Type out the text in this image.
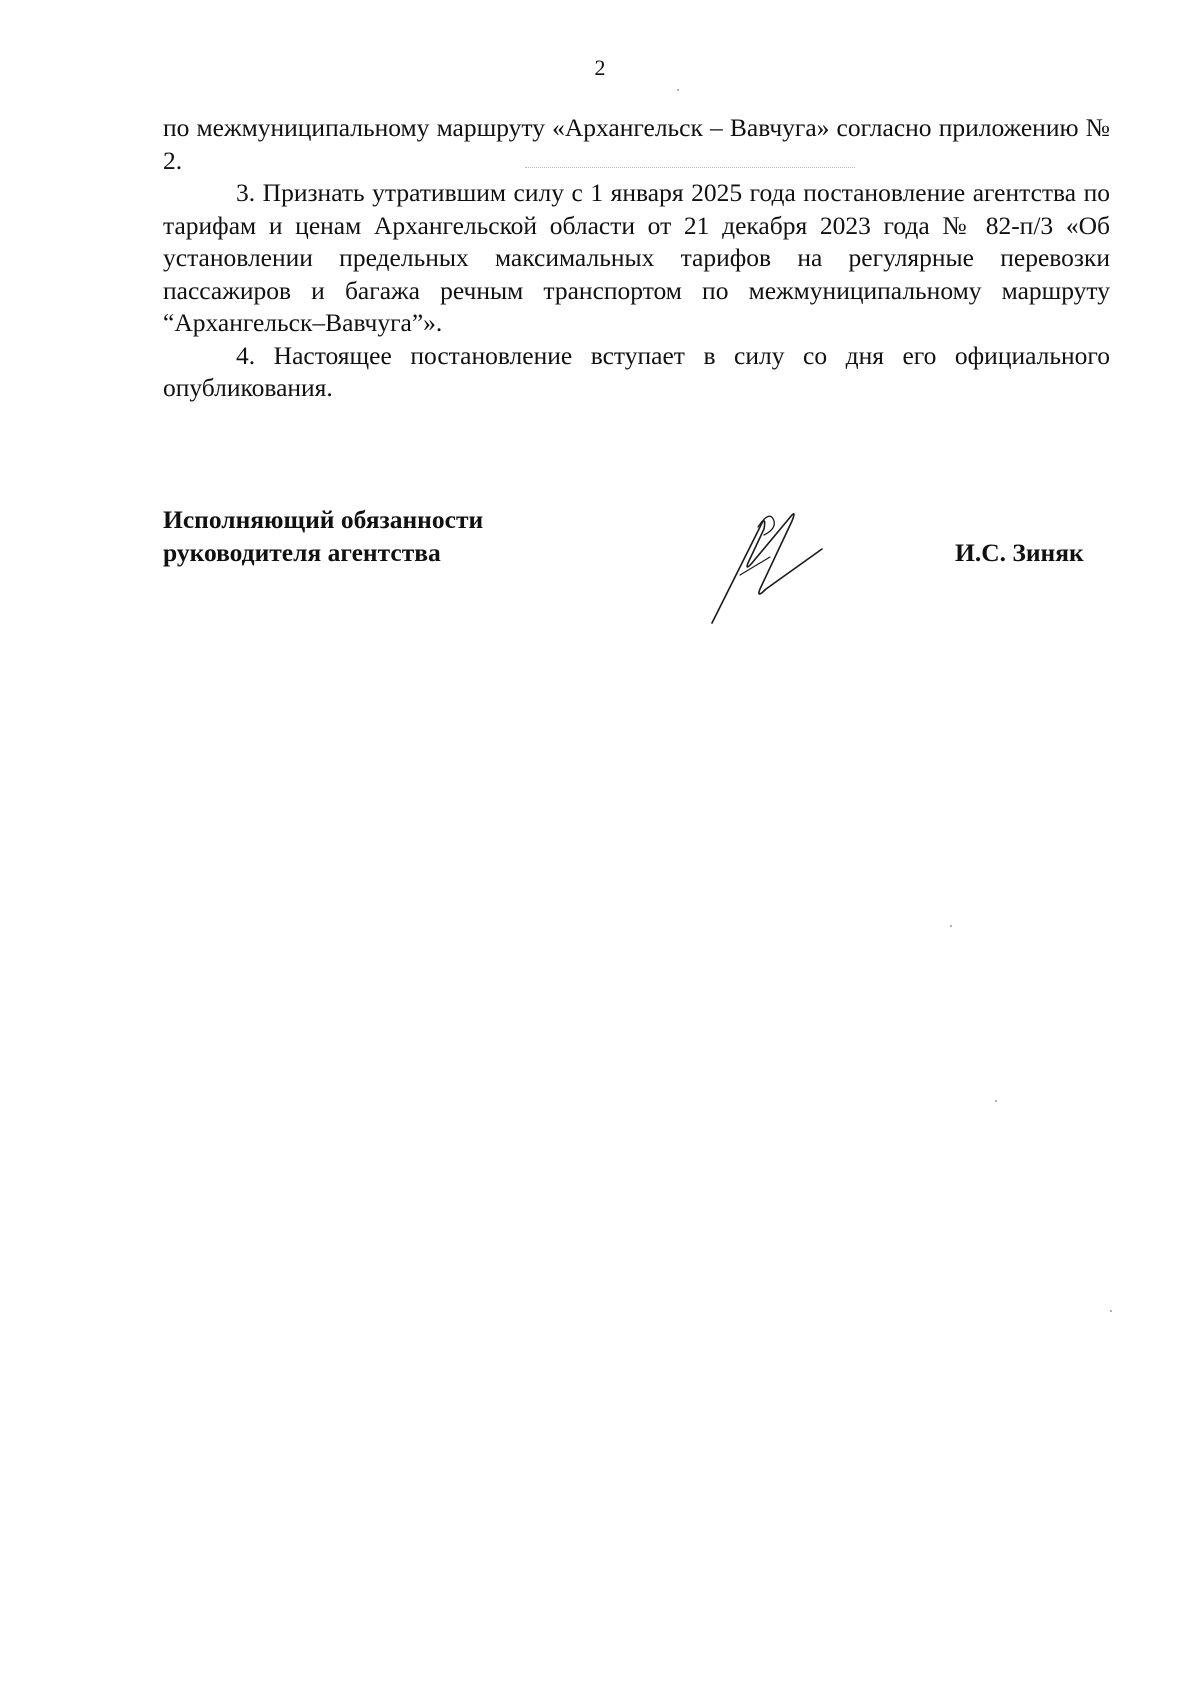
2

по межмуниципальному маршруту «Архангельск – Вавчуга» согласно приложению № 2.

3. Признать утратившим силу с 1 января 2025 года постановление агентства по тарифам и ценам Архангельской области от 21 декабря 2023 года № 82-п/3 «Об установлении предельных максимальных тарифов на регулярные перевозки пассажиров и багажа речным транспортом по межмуниципальному маршруту “Архангельск–Вавчуга”».

4. Настоящее постановление вступает в силу со дня его официального опубликования.

Исполняющий обязанности
руководителя агентства	И.С. Зиняк
